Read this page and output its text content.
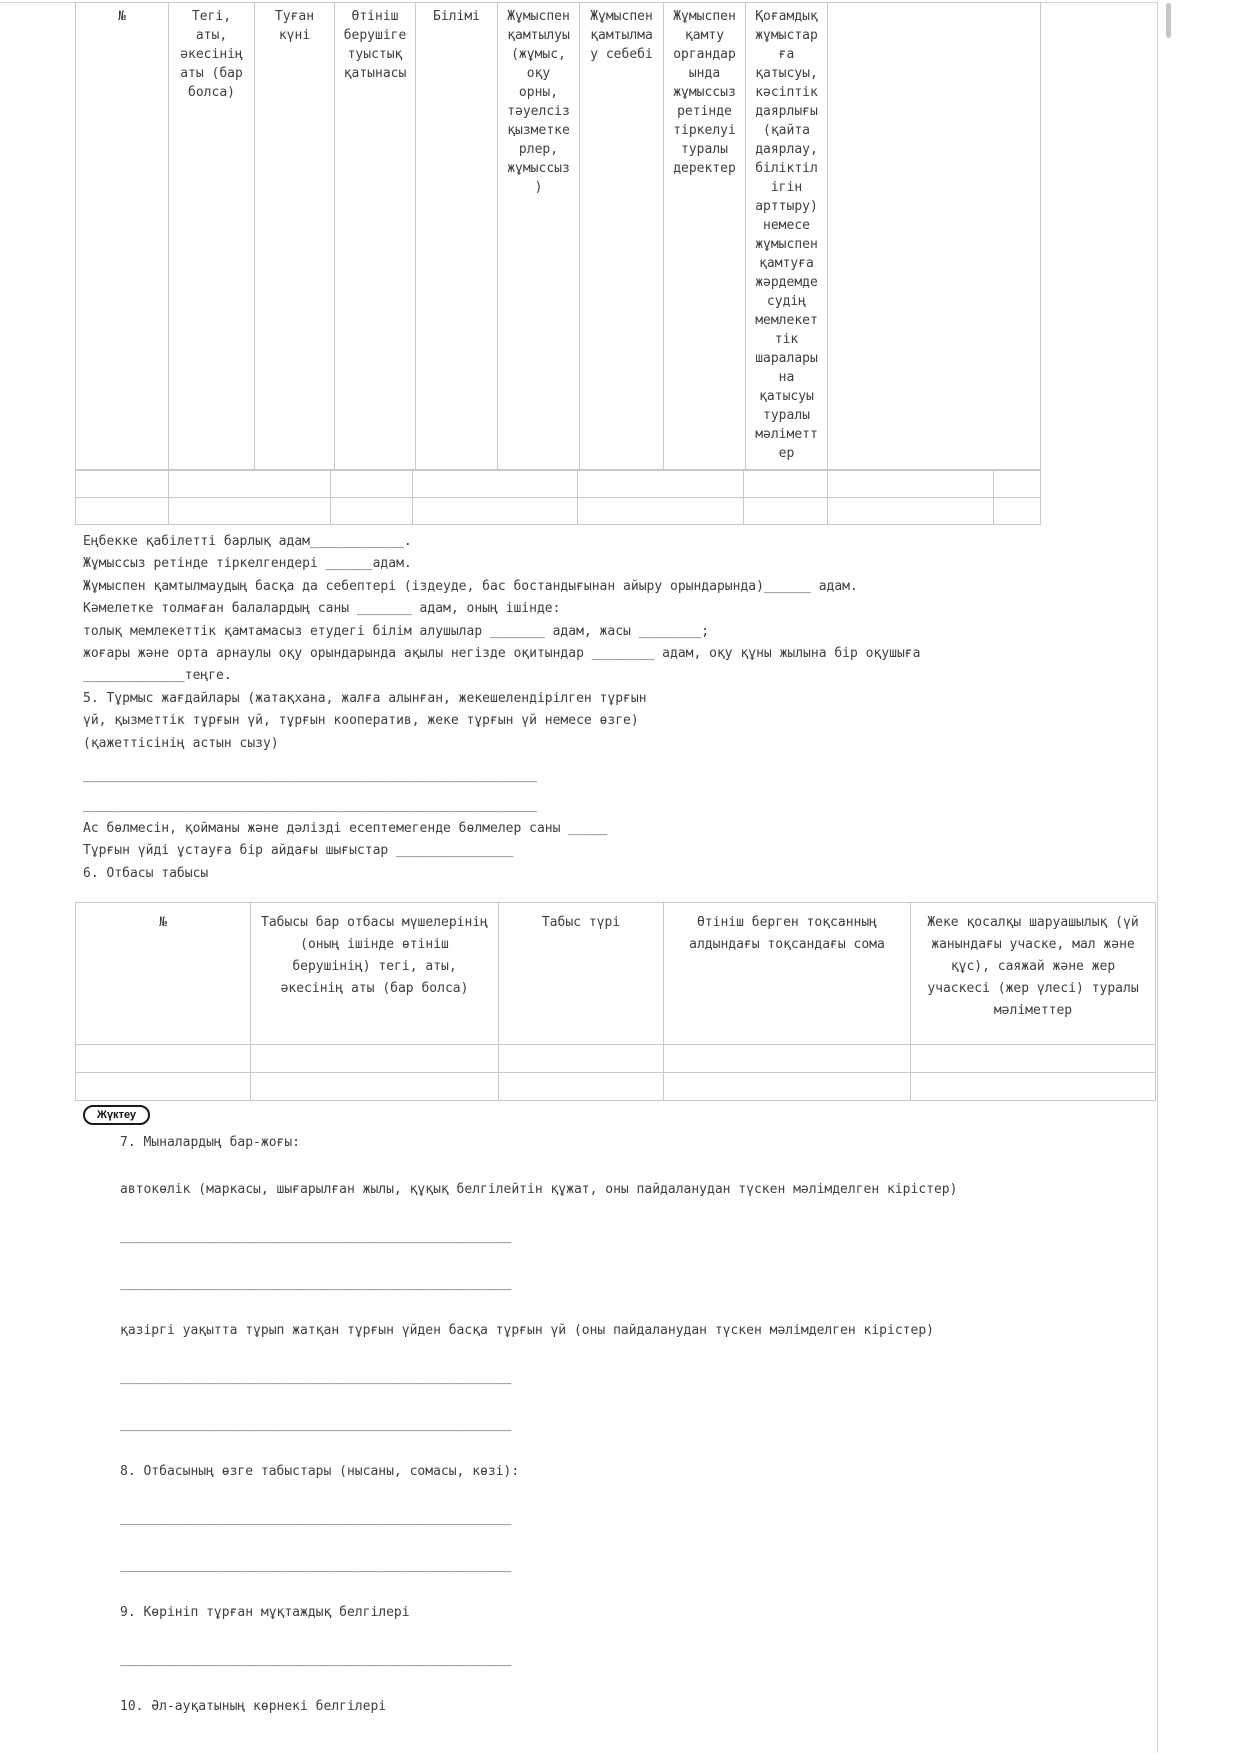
№	Тегі, аты, әкесінің аты (бар болса)	Туған күні	Өтініш берушіге туыстық қатынасы	Білімі	Жұмыспен қамтылуы (жұмыс, оқу орны, тәуелсіз қызметкерлер, жұмыссыз)	Жұмыспен қамтылмау себебі	Жұмыспен қамту органдарында жұмыссыз ретінде тіркелуі туралы деректер	Қоғамдық жұмыстарға қатысуы, кәсіптік даярлығы (қайта даярлау, біліктілігін арттыру) немесе жұмыспен қамтуға жәрдемдесудің мемлекеттік шараларына қатысуы туралы мәліметтер	

Еңбекке қабілетті барлық адам____________.
Жұмыссыз ретінде тіркелгендері ______адам.
Жұмыспен қамтылмаудың басқа да себептері (іздеуде, бас бостандығынан айыру орындарында)______ адам.
Кәмелетке толмаған балалардың саны _______ адам, оның ішінде:
толық мемлекеттік қамтамасыз етудегі білім алушылар _______ адам, жасы ________;
жоғары және орта арнаулы оқу орындарында ақылы негізде оқитындар ________ адам, оқу құны жылына бір оқушыға
_____________теңге.
5. Тұрмыс жағдайлары (жатақхана, жалға алынған, жекешелендірілген тұрғын
үй, қызметтік тұрғын үй, тұрғын кооператив, жеке тұрғын үй немесе өзге)
(қажеттісінің астын сызу)
__________________________________________________________
__________________________________________________________
Ас бөлмесін, қойманы және дәлізді есептемегенде бөлмелер саны _____
Тұрғын үйді ұстауға бір айдағы шығыстар _______________
6. Отбасы табысы
№	Табысы бар отбасы мүшелерінің (оның ішінде өтініш берушінің) тегі, аты, әкесінің аты (бар болса)	Табыс түрі	Өтініш берген тоқсанның алдындағы тоқсандағы сома	Жеке қосалқы шаруашылық (үй жанындағы учаске, мал және құс), саяжай және жер учаскесі (жер үлесі) туралы мәліметтер

Жүктеу
7. Мыналардың бар-жоғы:
автокөлік (маркасы, шығарылған жылы, құқық белгілейтін құжат, оны пайдаланудан түскен мәлімделген кірістер)
__________________________________________________
__________________________________________________
қазіргі уақытта тұрып жатқан тұрғын үйден басқа тұрғын үй (оны пайдаланудан түскен мәлімделген кірістер)
__________________________________________________
__________________________________________________
8. Отбасының өзге табыстары (нысаны, сомасы, көзі):
__________________________________________________
__________________________________________________
9. Көрініп тұрған мұқтаждық белгілері
__________________________________________________
10. Әл-ауқатының көрнекі белгілері
